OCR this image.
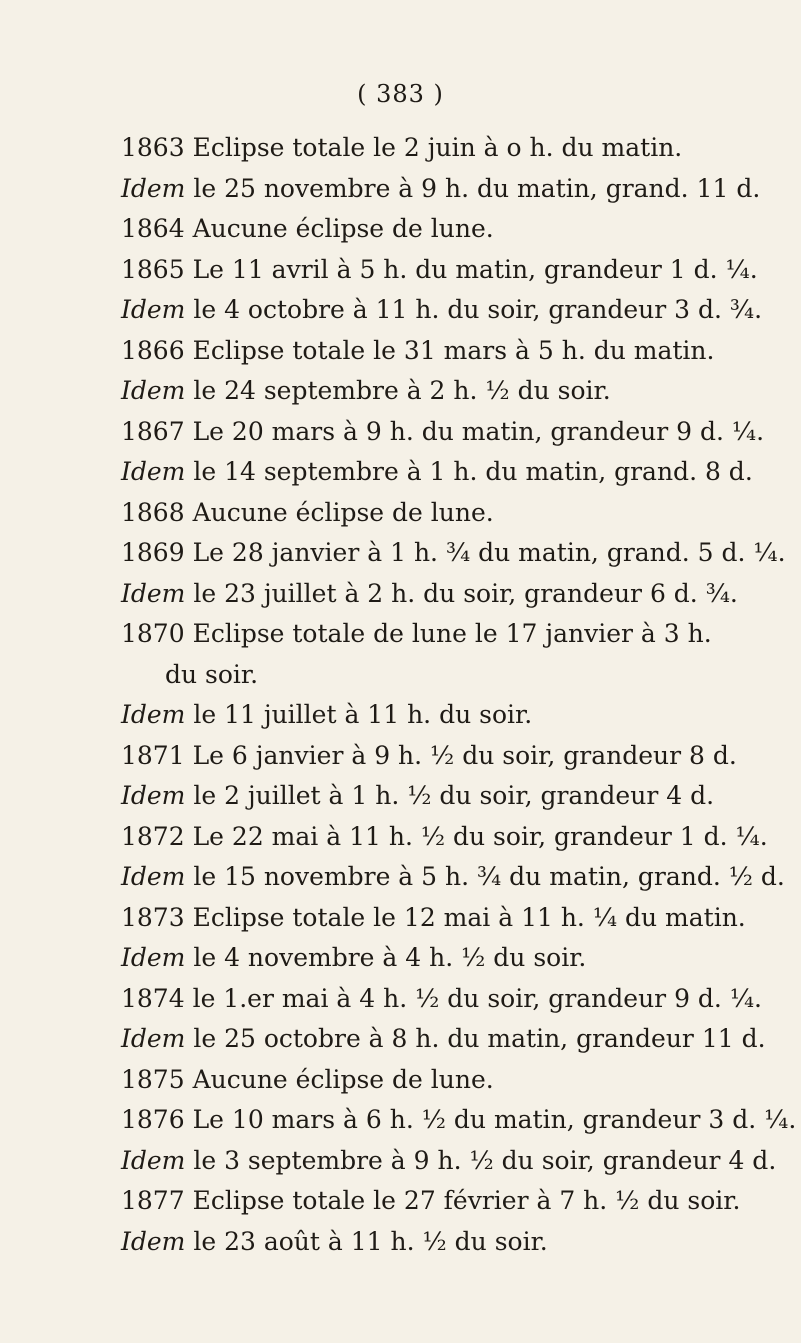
( 383 )
1863 Eclipse totale le 2 juin à o h. du matin.
Idem le 25 novembre à 9 h. du matin, grand. 11 d.
1864 Aucune éclipse de lune.
1865 Le 11 avril à 5 h. du matin, grandeur 1 d. ¼.
Idem le 4 octobre à 11 h. du soir, grandeur 3 d. ¾.
1866 Eclipse totale le 31 mars à 5 h. du matin.
Idem le 24 septembre à 2 h. ½ du soir.
1867 Le 20 mars à 9 h. du matin, grandeur 9 d. ¼.
Idem le 14 septembre à 1 h. du matin, grand. 8 d.
1868 Aucune éclipse de lune.
1869 Le 28 janvier à 1 h. ¾ du matin, grand. 5 d. ¼.
Idem le 23 juillet à 2 h. du soir, grandeur 6 d. ¾.
1870 Eclipse totale de lune le 17 janvier à 3 h.
du soir.
Idem le 11 juillet à 11 h. du soir.
1871 Le 6 janvier à 9 h. ½ du soir, grandeur 8 d.
Idem le 2 juillet à 1 h. ½ du soir, grandeur 4 d.
1872 Le 22 mai à 11 h. ½ du soir, grandeur 1 d. ¼.
Idem le 15 novembre à 5 h. ¾ du matin, grand. ½ d.
1873 Eclipse totale le 12 mai à 11 h. ¼ du matin.
Idem le 4 novembre à 4 h. ½ du soir.
1874 le 1.er mai à 4 h. ½ du soir, grandeur 9 d. ¼.
Idem le 25 octobre à 8 h. du matin, grandeur 11 d.
1875 Aucune éclipse de lune.
1876 Le 10 mars à 6 h. ½ du matin, grandeur 3 d. ¼.
Idem le 3 septembre à 9 h. ½ du soir, grandeur 4 d.
1877 Eclipse totale le 27 février à 7 h. ½ du soir.
Idem le 23 août à 11 h. ½ du soir.
